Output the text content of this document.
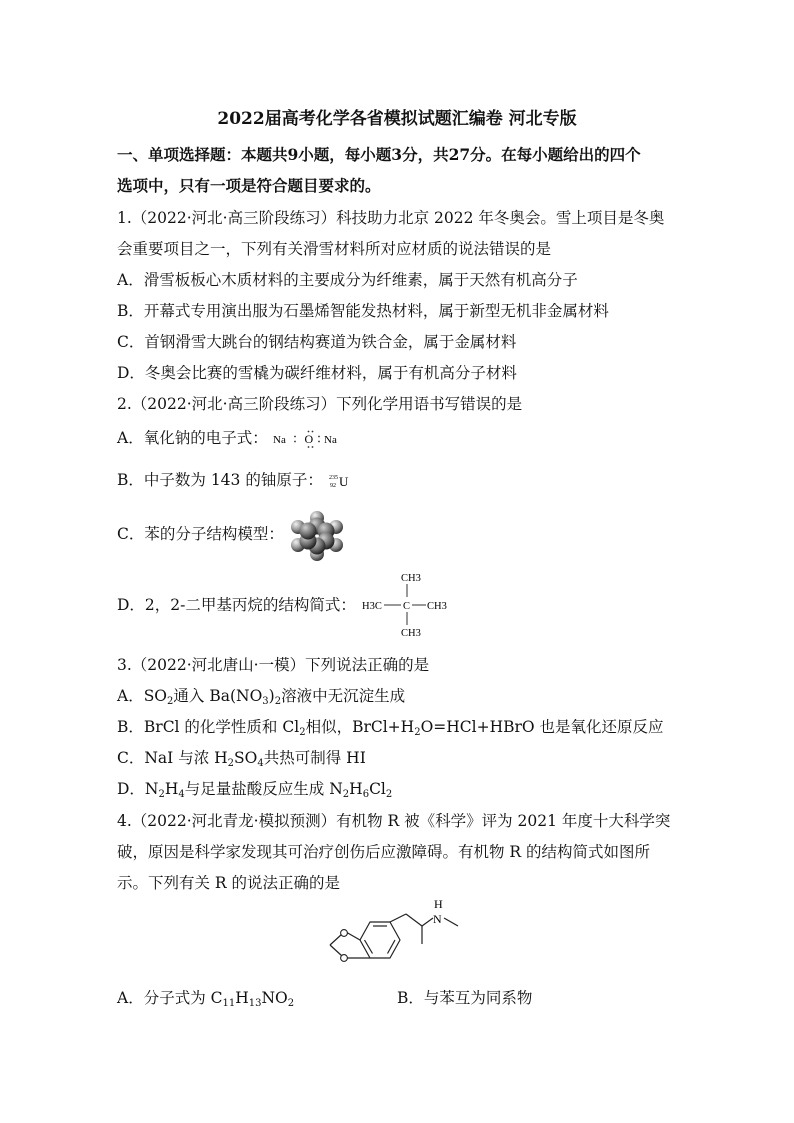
2022届高考化学各省模拟试题汇编卷 河北专版
一、单项选择题：本题共9小题，每小题3分，共27分。在每小题给出的四个
选项中，只有一项是符合题目要求的。
1.（2022·河北·高三阶段练习）科技助力北京 2022 年冬奥会。雪上项目是冬奥
会重要项目之一，下列有关滑雪材料所对应材质的说法错误的是
A．滑雪板板心木质材料的主要成分为纤维素，属于天然有机高分子
B．开幕式专用演出服为石墨烯智能发热材料，属于新型无机非金属材料
C．首钢滑雪大跳台的钢结构赛道为铁合金，属于金属材料
D．冬奥会比赛的雪橇为碳纤维材料，属于有机高分子材料
2.（2022·河北·高三阶段练习）下列化学用语书写错误的是
A．氧化钠的电子式： Na O Na
B．中子数为 143 的铀原子： 235
92 U
C．苯的分子结构模型：
D．2，2-二甲基丙烷的结构简式：
CH3
H3C C CH3
CH3
3.（2022·河北唐山·一模）下列说法正确的是
A．$SO_2$通入 $Ba(NO_3)_2$溶液中无沉淀生成
B．BrCl 的化学性质和 $Cl_2$相似，$BrCl+H_2O=HCl+HBrO$ 也是氧化还原反应
C．NaI 与浓 $H_2SO_4$共热可制得 HI
D．$N_2H_4$与足量盐酸反应生成 $N_2H_6Cl_2$
4.（2022·河北青龙·模拟预测）有机物 R 被《科学》评为 2021 年度十大科学突
破，原因是科学家发现其可治疗创伤后应激障碍。有机物 R 的结构简式如图所
示。下列有关 R 的说法正确的是
H
N
A．分子式为 $C_{11}H_{13}NO_2$	B．与苯互为同系物
